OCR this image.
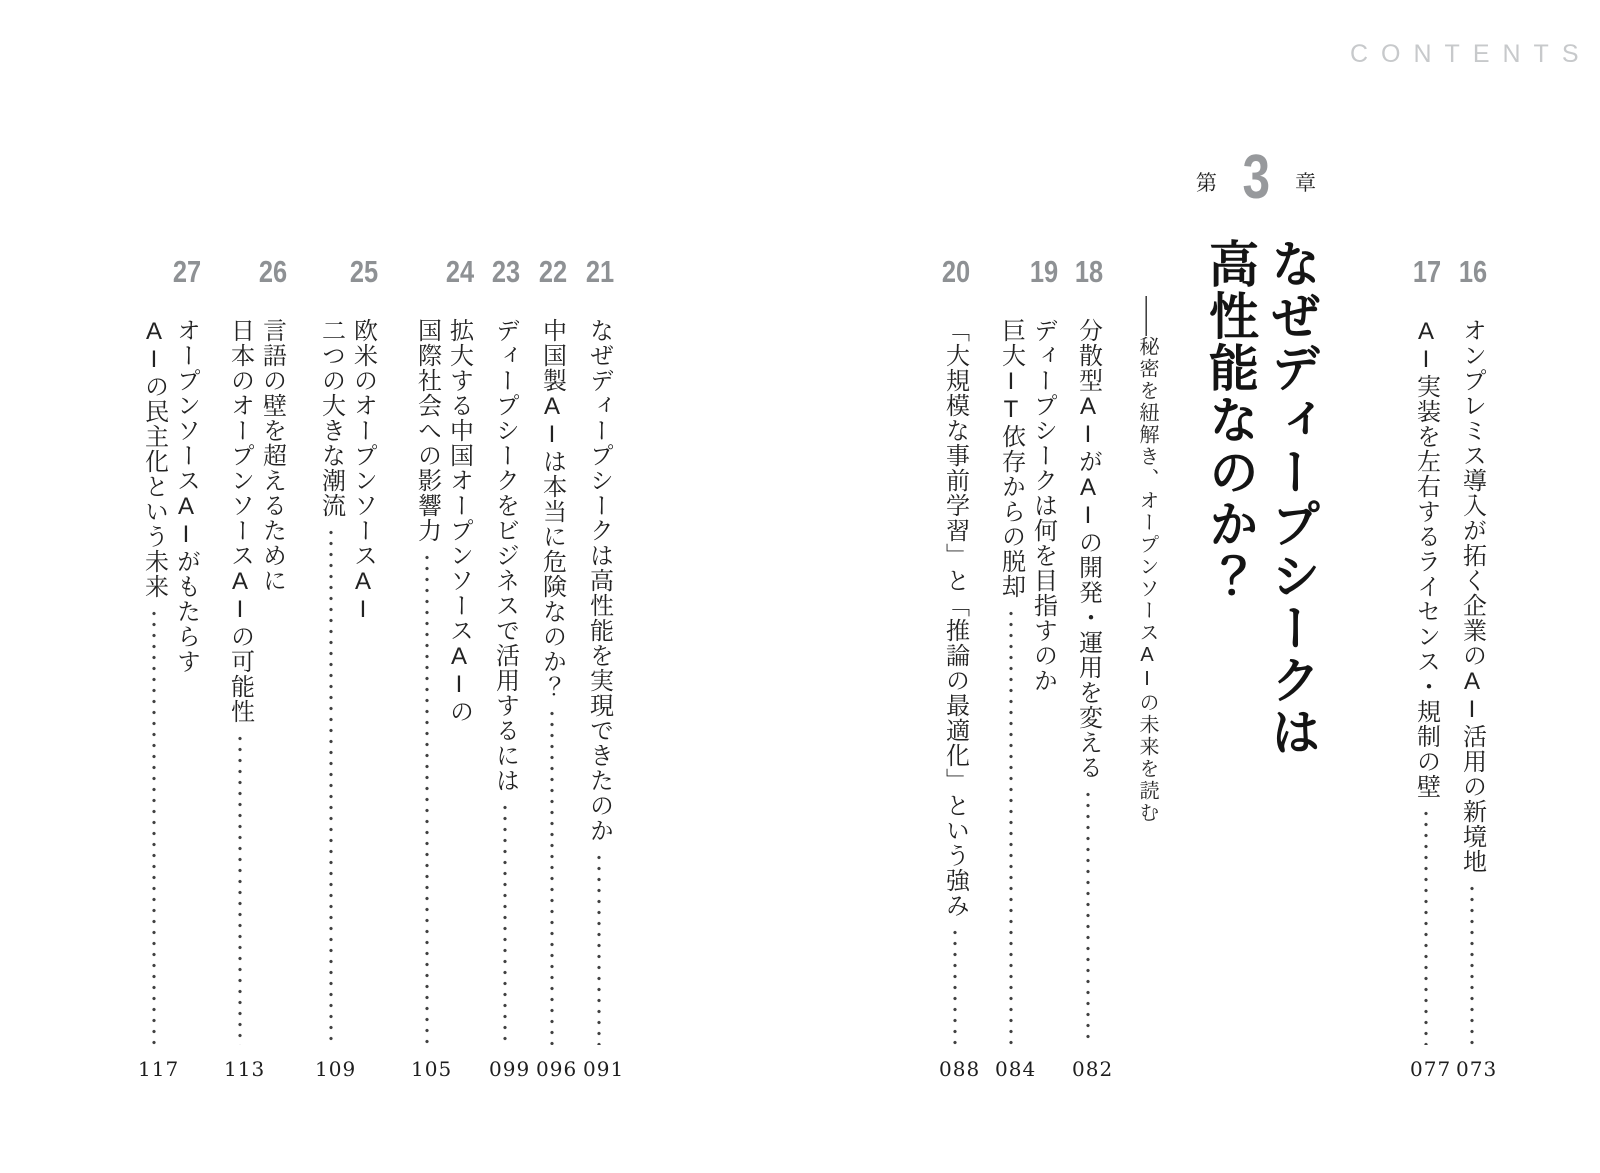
CONTENTS
第 3 章
なぜディープシークは
高性能なのか？
――秘密を紐解き、オープンソースAIの未来を読む
16
オンプレミス導入が拓く企業のAI活用の新境地
073
17
AI実装を左右するライセンス・規制の壁
077
18
分散型AIがAIの開発・運用を変える
082
19
ディープシークは何を目指すのか
巨大IT依存からの脱却
084
20
「大規模な事前学習」と「推論の最適化」という強み
088
21
なぜディープシークは高性能を実現できたのか
091
22
中国製AIは本当に危険なのか？
096
23
ディープシークをビジネスで活用するには
099
24
拡大する中国オープンソースAIの
国際社会への影響力
105
25
欧米のオープンソースAI
二つの大きな潮流
109
26
言語の壁を超えるために
日本のオープンソースAIの可能性
113
27
オープンソースAIがもたらす
AIの民主化という未来
117
